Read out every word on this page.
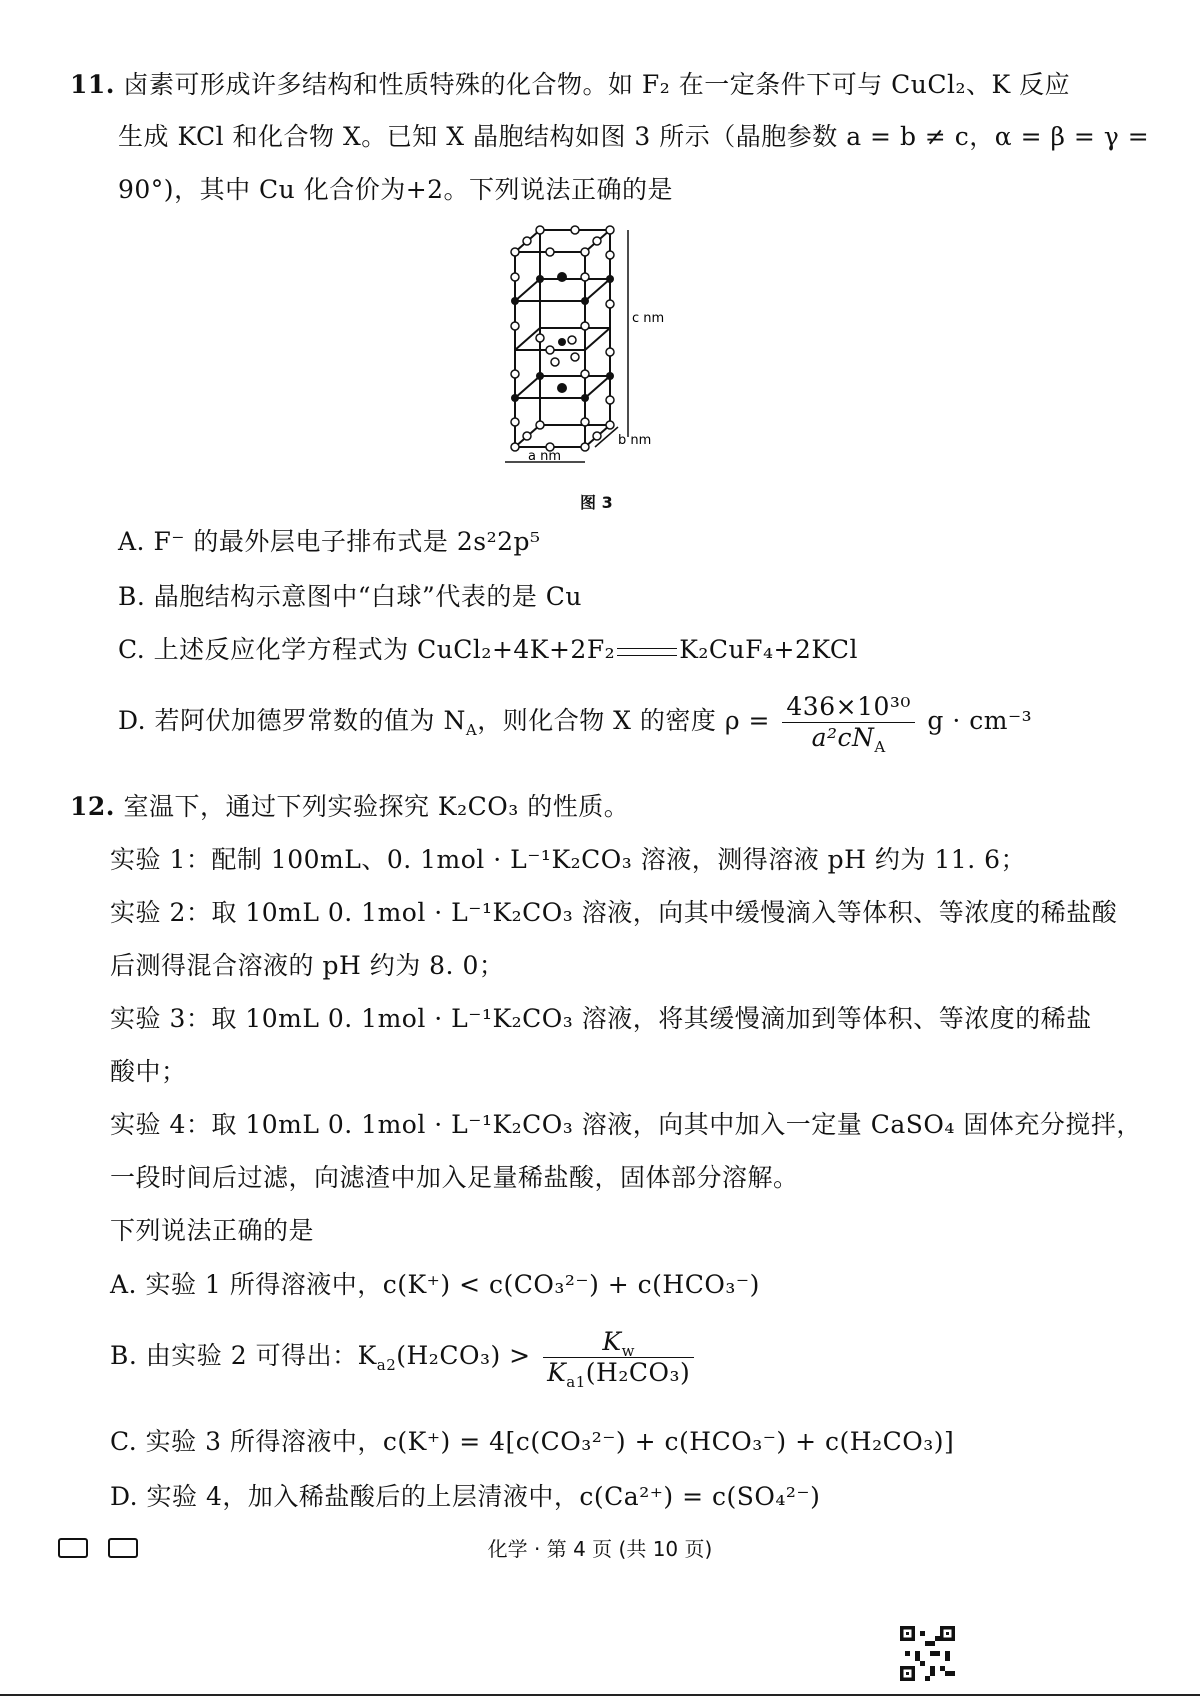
11. 卤素可形成许多结构和性质特殊的化合物。如 F₂ 在一定条件下可与 CuCl₂、K 反应
生成 KCl 和化合物 X。已知 X 晶胞结构如图 3 所示（晶胞参数 a = b ≠ c，α = β = γ =
90°)，其中 Cu 化合价为+2。下列说法正确的是
c nm
b nm
a nm
图 3
A. F⁻ 的最外层电子排布式是 2s²2p⁵
B. 晶胞结构示意图中“白球”代表的是 Cu
C. 上述反应化学方程式为 CuCl₂+4K+2F₂	K₂CuF₄+2KCl
D. 若阿伏加德罗常数的值为 $N_A$，则化合物 X 的密度 $\rho = \frac{\text{436×10³⁰}}{a^2cN_A}$ g · cm⁻³
12. 室温下，通过下列实验探究 K₂CO₃ 的性质。
实验 1：配制 100mL、0. 1mol · L⁻¹K₂CO₃ 溶液，测得溶液 pH 约为 11. 6；
实验 2：取 10mL 0. 1mol · L⁻¹K₂CO₃ 溶液，向其中缓慢滴入等体积、等浓度的稀盐酸
后测得混合溶液的 pH 约为 8. 0；
实验 3：取 10mL 0. 1mol · L⁻¹K₂CO₃ 溶液，将其缓慢滴加到等体积、等浓度的稀盐
酸中；
实验 4：取 10mL 0. 1mol · L⁻¹K₂CO₃ 溶液，向其中加入一定量 CaSO₄ 固体充分搅拌，
一段时间后过滤，向滤渣中加入足量稀盐酸，固体部分溶解。
下列说法正确的是
A. 实验 1 所得溶液中，c(K⁺) < c(CO₃²⁻) + c(HCO₃⁻)
B. 由实验 2 可得出：$K_{a2}(H_2CO_3) > \frac{K_w}{K_{a1}(H_2CO_3)}$
C. 实验 3 所得溶液中，c(K⁺) = 4[c(CO₃²⁻) + c(HCO₃⁻) + c(H₂CO₃)]
D. 实验 4，加入稀盐酸后的上层清液中，c(Ca²⁺) = c(SO₄²⁻)
化学 · 第 4 页 (共 10 页)
